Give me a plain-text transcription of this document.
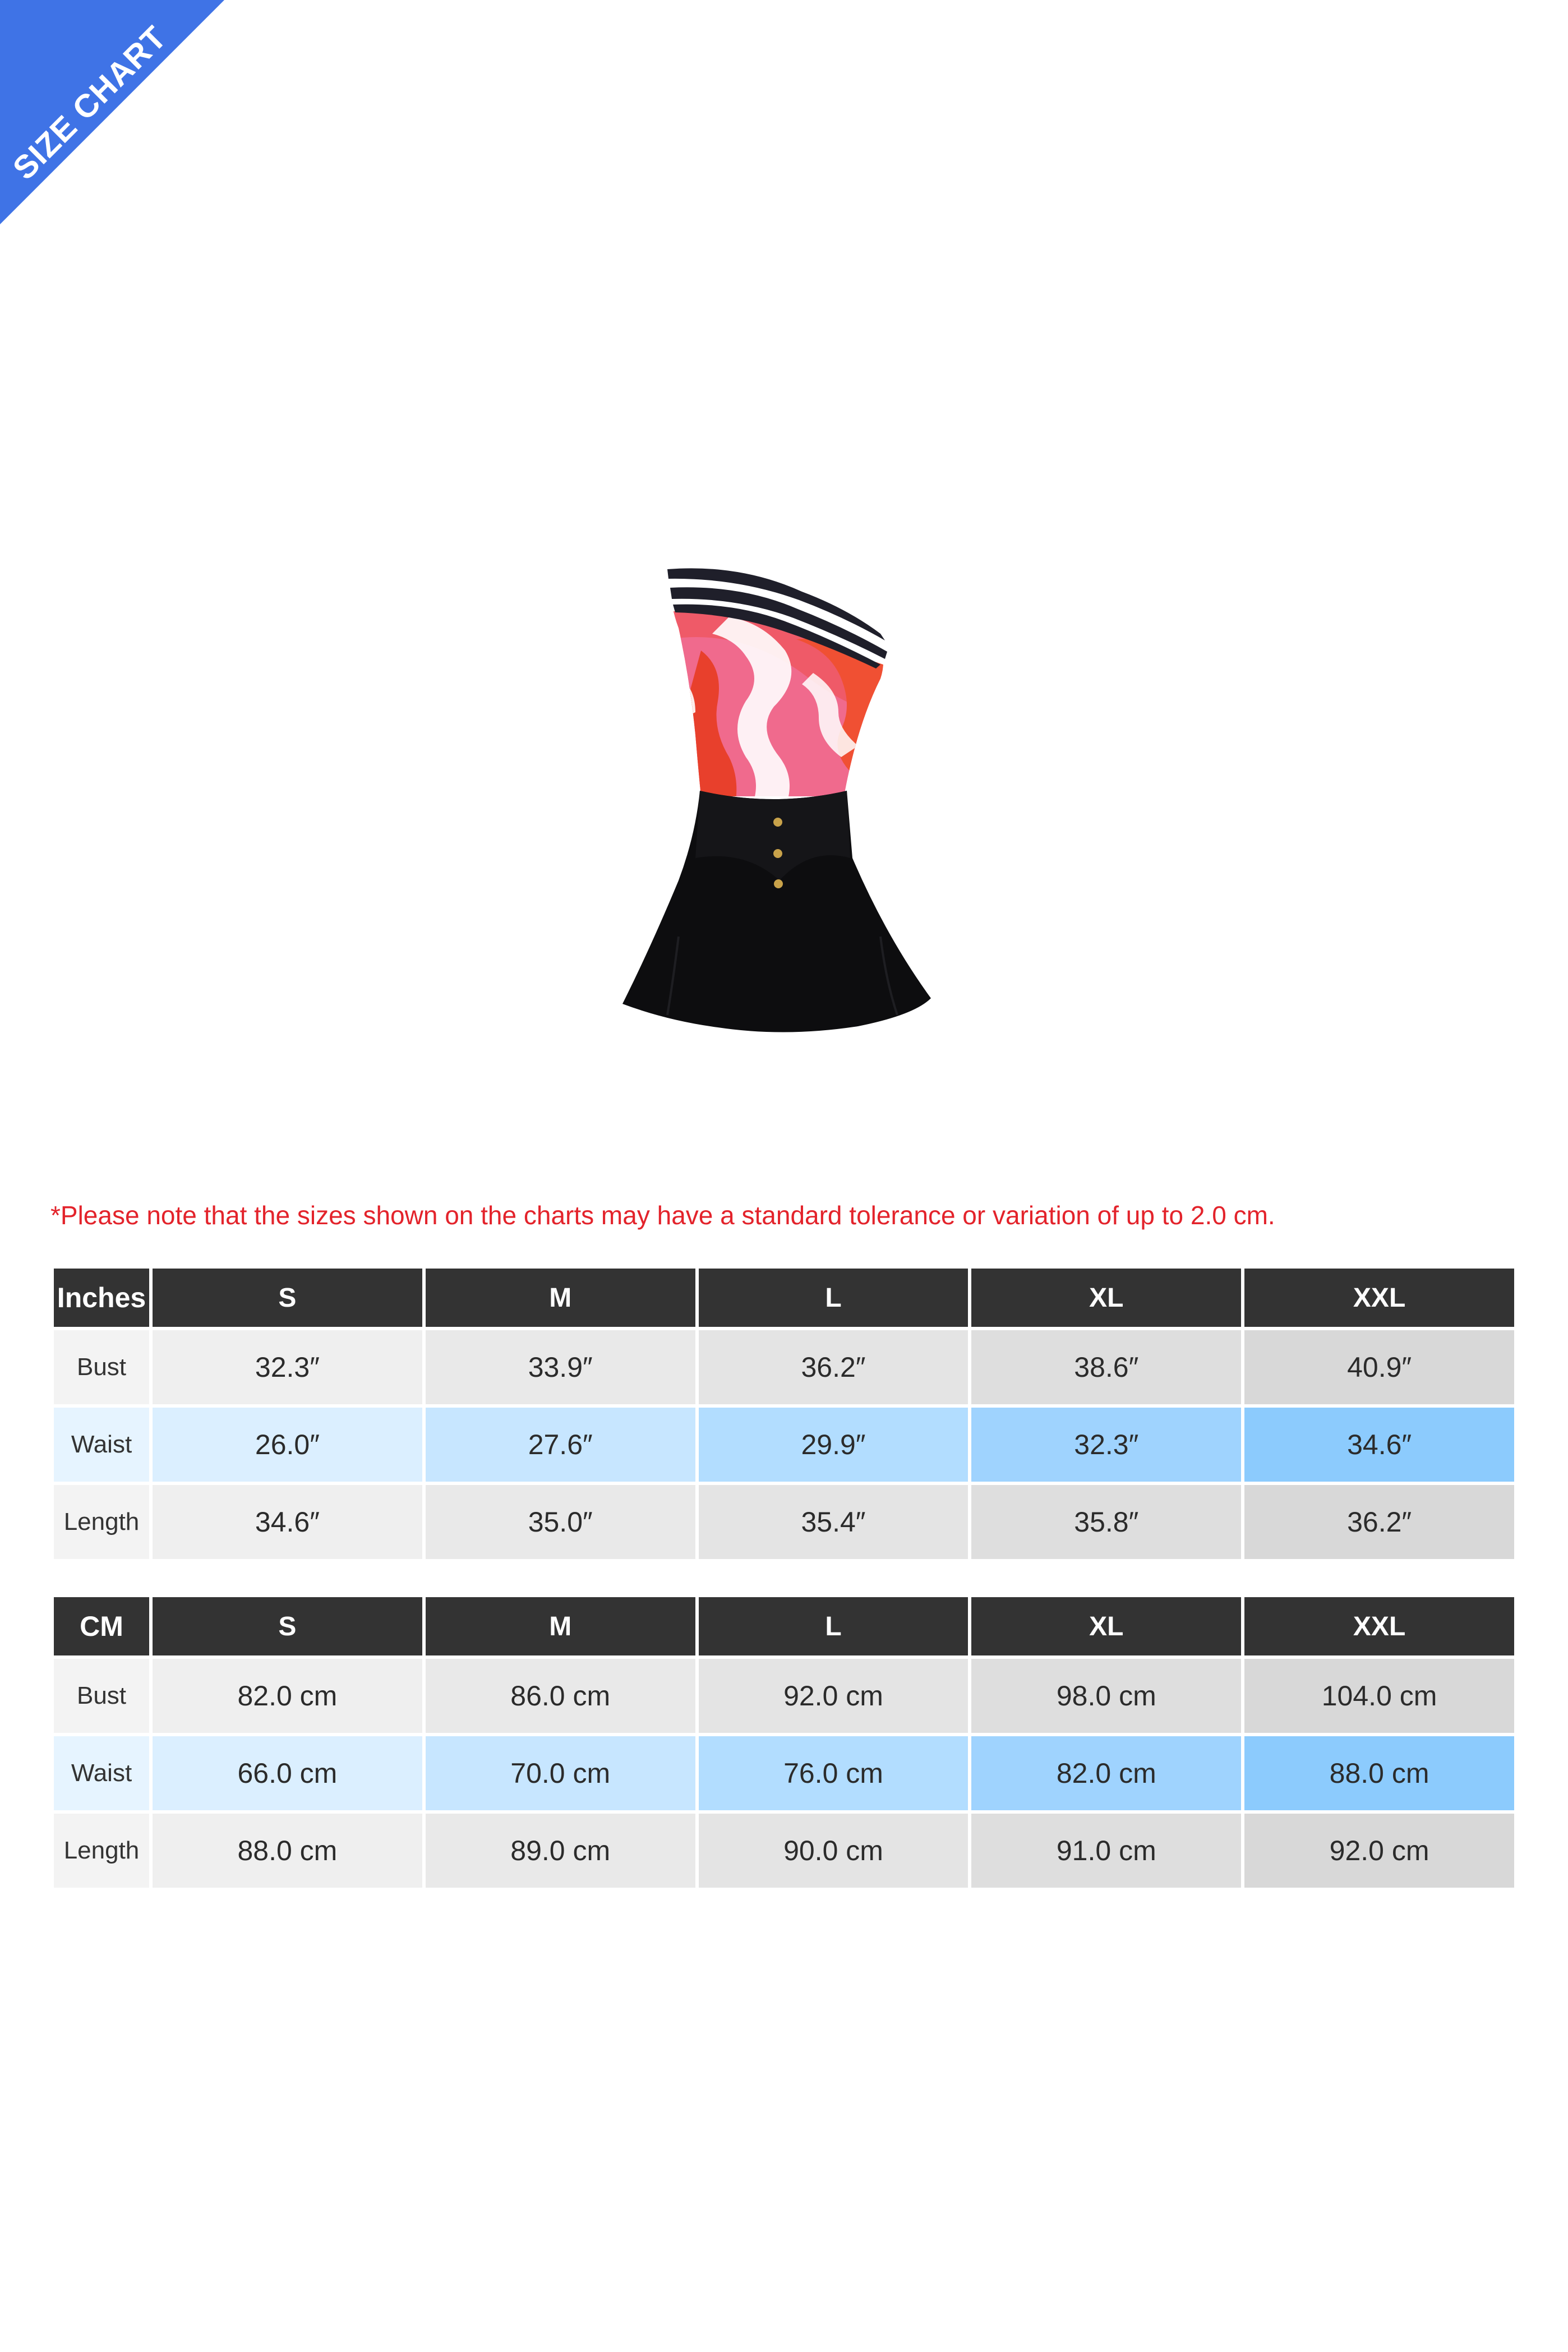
SIZE CHART
*Please note that the sizes shown on the charts may have a standard tolerance or variation of up to 2.0 cm.
Inches	S	M	L	XL	XXL
Bust	32.3″	33.9″	36.2″	38.6″	40.9″
Waist	26.0″	27.6″	29.9″	32.3″	34.6″
Length	34.6″	35.0″	35.4″	35.8″	36.2″
CM	S	M	L	XL	XXL
Bust	82.0 cm	86.0 cm	92.0 cm	98.0 cm	104.0 cm
Waist	66.0 cm	70.0 cm	76.0 cm	82.0 cm	88.0 cm
Length	88.0 cm	89.0 cm	90.0 cm	91.0 cm	92.0 cm
